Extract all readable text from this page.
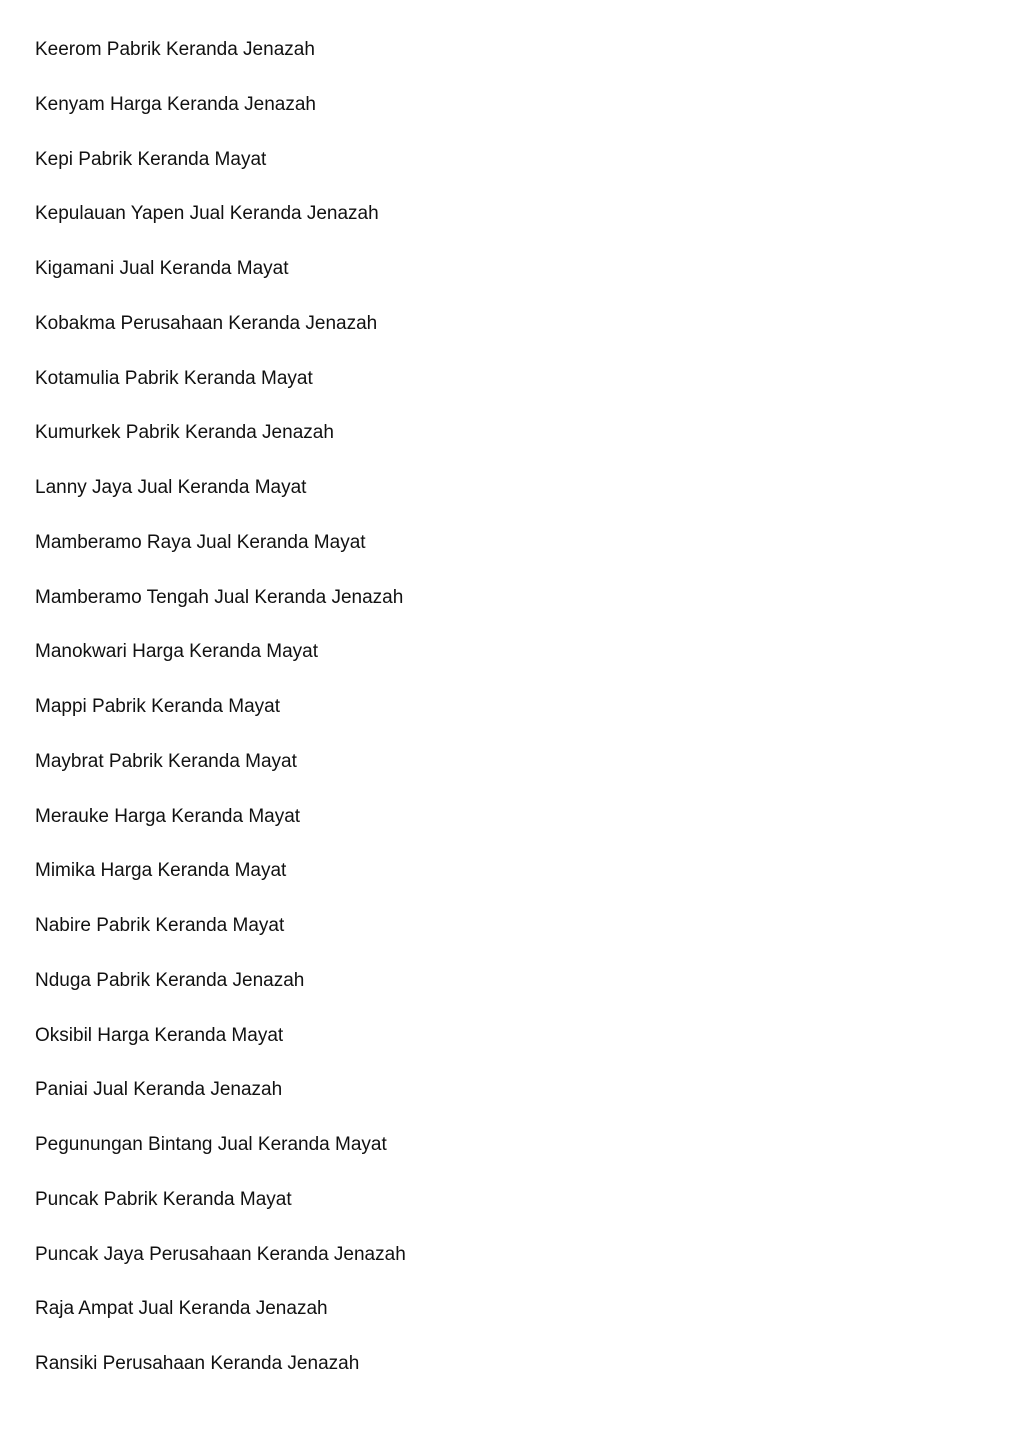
Keerom Pabrik Keranda Jenazah
Kenyam Harga Keranda Jenazah
Kepi Pabrik Keranda Mayat
Kepulauan Yapen Jual Keranda Jenazah
Kigamani Jual Keranda Mayat
Kobakma Perusahaan Keranda Jenazah
Kotamulia Pabrik Keranda Mayat
Kumurkek Pabrik Keranda Jenazah
Lanny Jaya Jual Keranda Mayat
Mamberamo Raya Jual Keranda Mayat
Mamberamo Tengah Jual Keranda Jenazah
Manokwari Harga Keranda Mayat
Mappi Pabrik Keranda Mayat
Maybrat Pabrik Keranda Mayat
Merauke Harga Keranda Mayat
Mimika Harga Keranda Mayat
Nabire Pabrik Keranda Mayat
Nduga Pabrik Keranda Jenazah
Oksibil Harga Keranda Mayat
Paniai Jual Keranda Jenazah
Pegunungan Bintang Jual Keranda Mayat
Puncak Pabrik Keranda Mayat
Puncak Jaya Perusahaan Keranda Jenazah
Raja Ampat Jual Keranda Jenazah
Ransiki Perusahaan Keranda Jenazah
